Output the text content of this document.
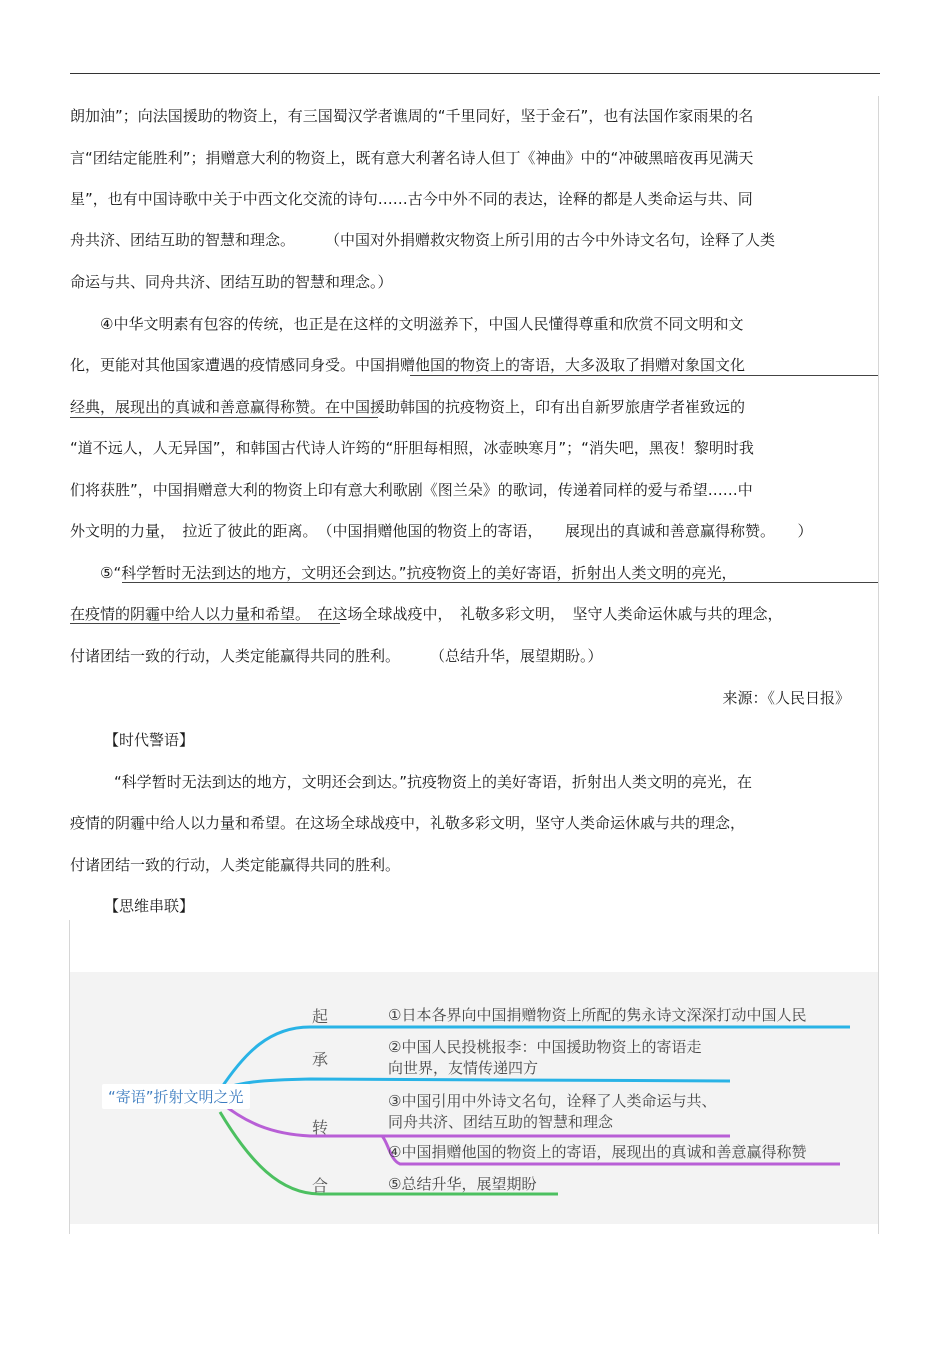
朗加油”；向法国援助的物资上，有三国蜀汉学者谯周的“千里同好，坚于金石”，也有法国作家雨果的名
言“团结定能胜利”；捐赠意大利的物资上，既有意大利著名诗人但丁《神曲》中的“冲破黑暗夜再见满天
星”，也有中国诗歌中关于中西文化交流的诗句……古今中外不同的表达，诠释的都是人类命运与共、同
舟共济、团结互助的智慧和理念。　　　（中国对外捐赠救灾物资上所引用的古今中外诗文名句，诠释了人类
命运与共、同舟共济、团结互助的智慧和理念。）
　　④中华文明素有包容的传统，也正是在这样的文明滋养下，中国人民懂得尊重和欣赏不同文明和文
化，更能对其他国家遭遇的疫情感同身受。中国捐赠他国的物资上的寄语，大多汲取了捐赠对象国文化
经典，展现出的真诚和善意赢得称赞。在中国援助韩国的抗疫物资上，印有出自新罗旅唐学者崔致远的
“道不远人，人无异国”，和韩国古代诗人许筠的“肝胆每相照，冰壶映寒月”；“消失吧，黑夜！黎明时我
们将获胜”，中国捐赠意大利的物资上印有意大利歌剧《图兰朵》的歌词，传递着同样的爱与希望……中
外文明的力量，　拉近了彼此的距离。　（中国捐赠他国的物资上的寄语，　　展现出的真诚和善意赢得称赞。　　）
　　⑤“科学暂时无法到达的地方，文明还会到达。”抗疫物资上的美好寄语，折射出人类文明的亮光，
在疫情的阴霾中给人以力量和希望。　在这场全球战疫中，　礼敬多彩文明，　坚守人类命运休戚与共的理念，
付诸团结一致的行动，人类定能赢得共同的胜利。　　　（总结升华，展望期盼。）
来源：《人民日报》
【时代警语】
“科学暂时无法到达的地方，文明还会到达。”抗疫物资上的美好寄语，折射出人类文明的亮光，在
疫情的阴霾中给人以力量和希望。在这场全球战疫中，礼敬多彩文明，坚守人类命运休戚与共的理念，
付诸团结一致的行动，人类定能赢得共同的胜利。
【思维串联】
“寄语”折射文明之光
起	①日本各界向中国捐赠物资上所配的隽永诗文深深打动中国人民
承
②中国人民投桃报李：中国援助物资上的寄语走
向世界，友情传递四方
转
③中国引用中外诗文名句，诠释了人类命运与共、
同舟共济、团结互助的智慧和理念
④中国捐赠他国的物资上的寄语，展现出的真诚和善意赢得称赞
合	⑤总结升华，展望期盼
